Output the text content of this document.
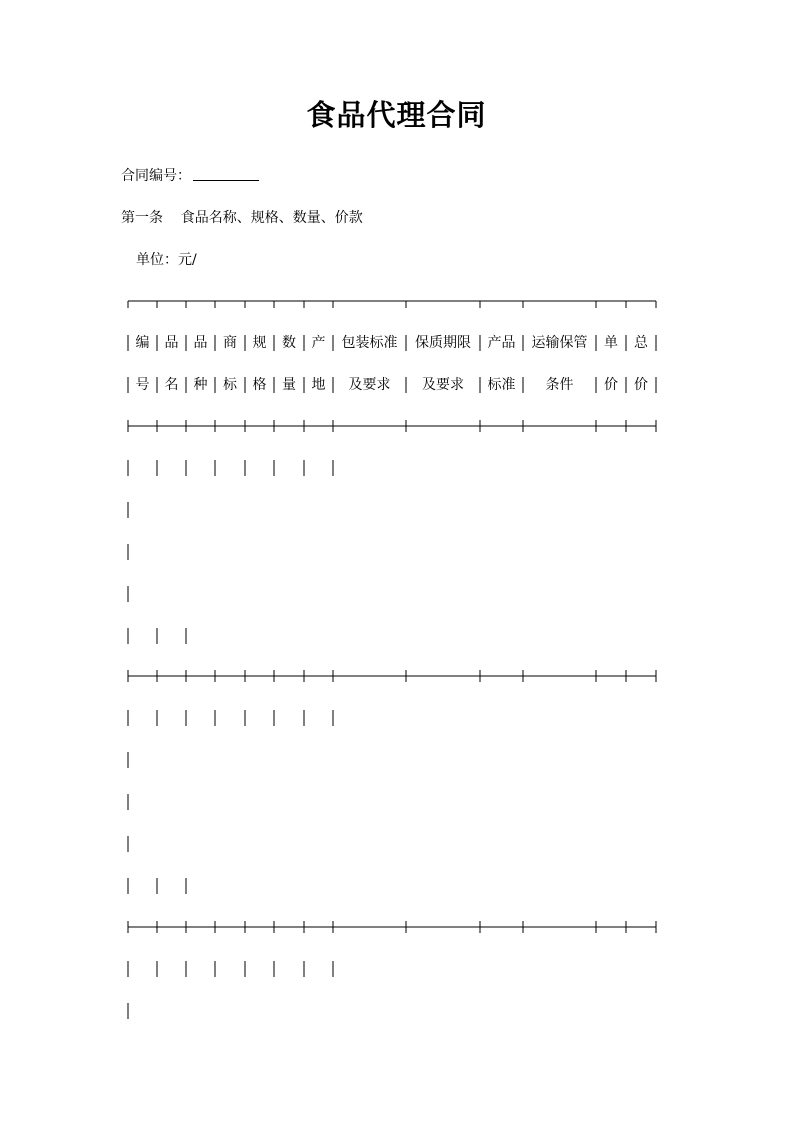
食品代理合同
合同编号：
第一条    食品名称、规格、数量、价款
单位：元/
编	品	品	商	规	数	产	包装标准	保质期限	产品	运输保管	单	总
号	名	种	标	格	量	地	及要求	及要求	标准	条件	价	价
